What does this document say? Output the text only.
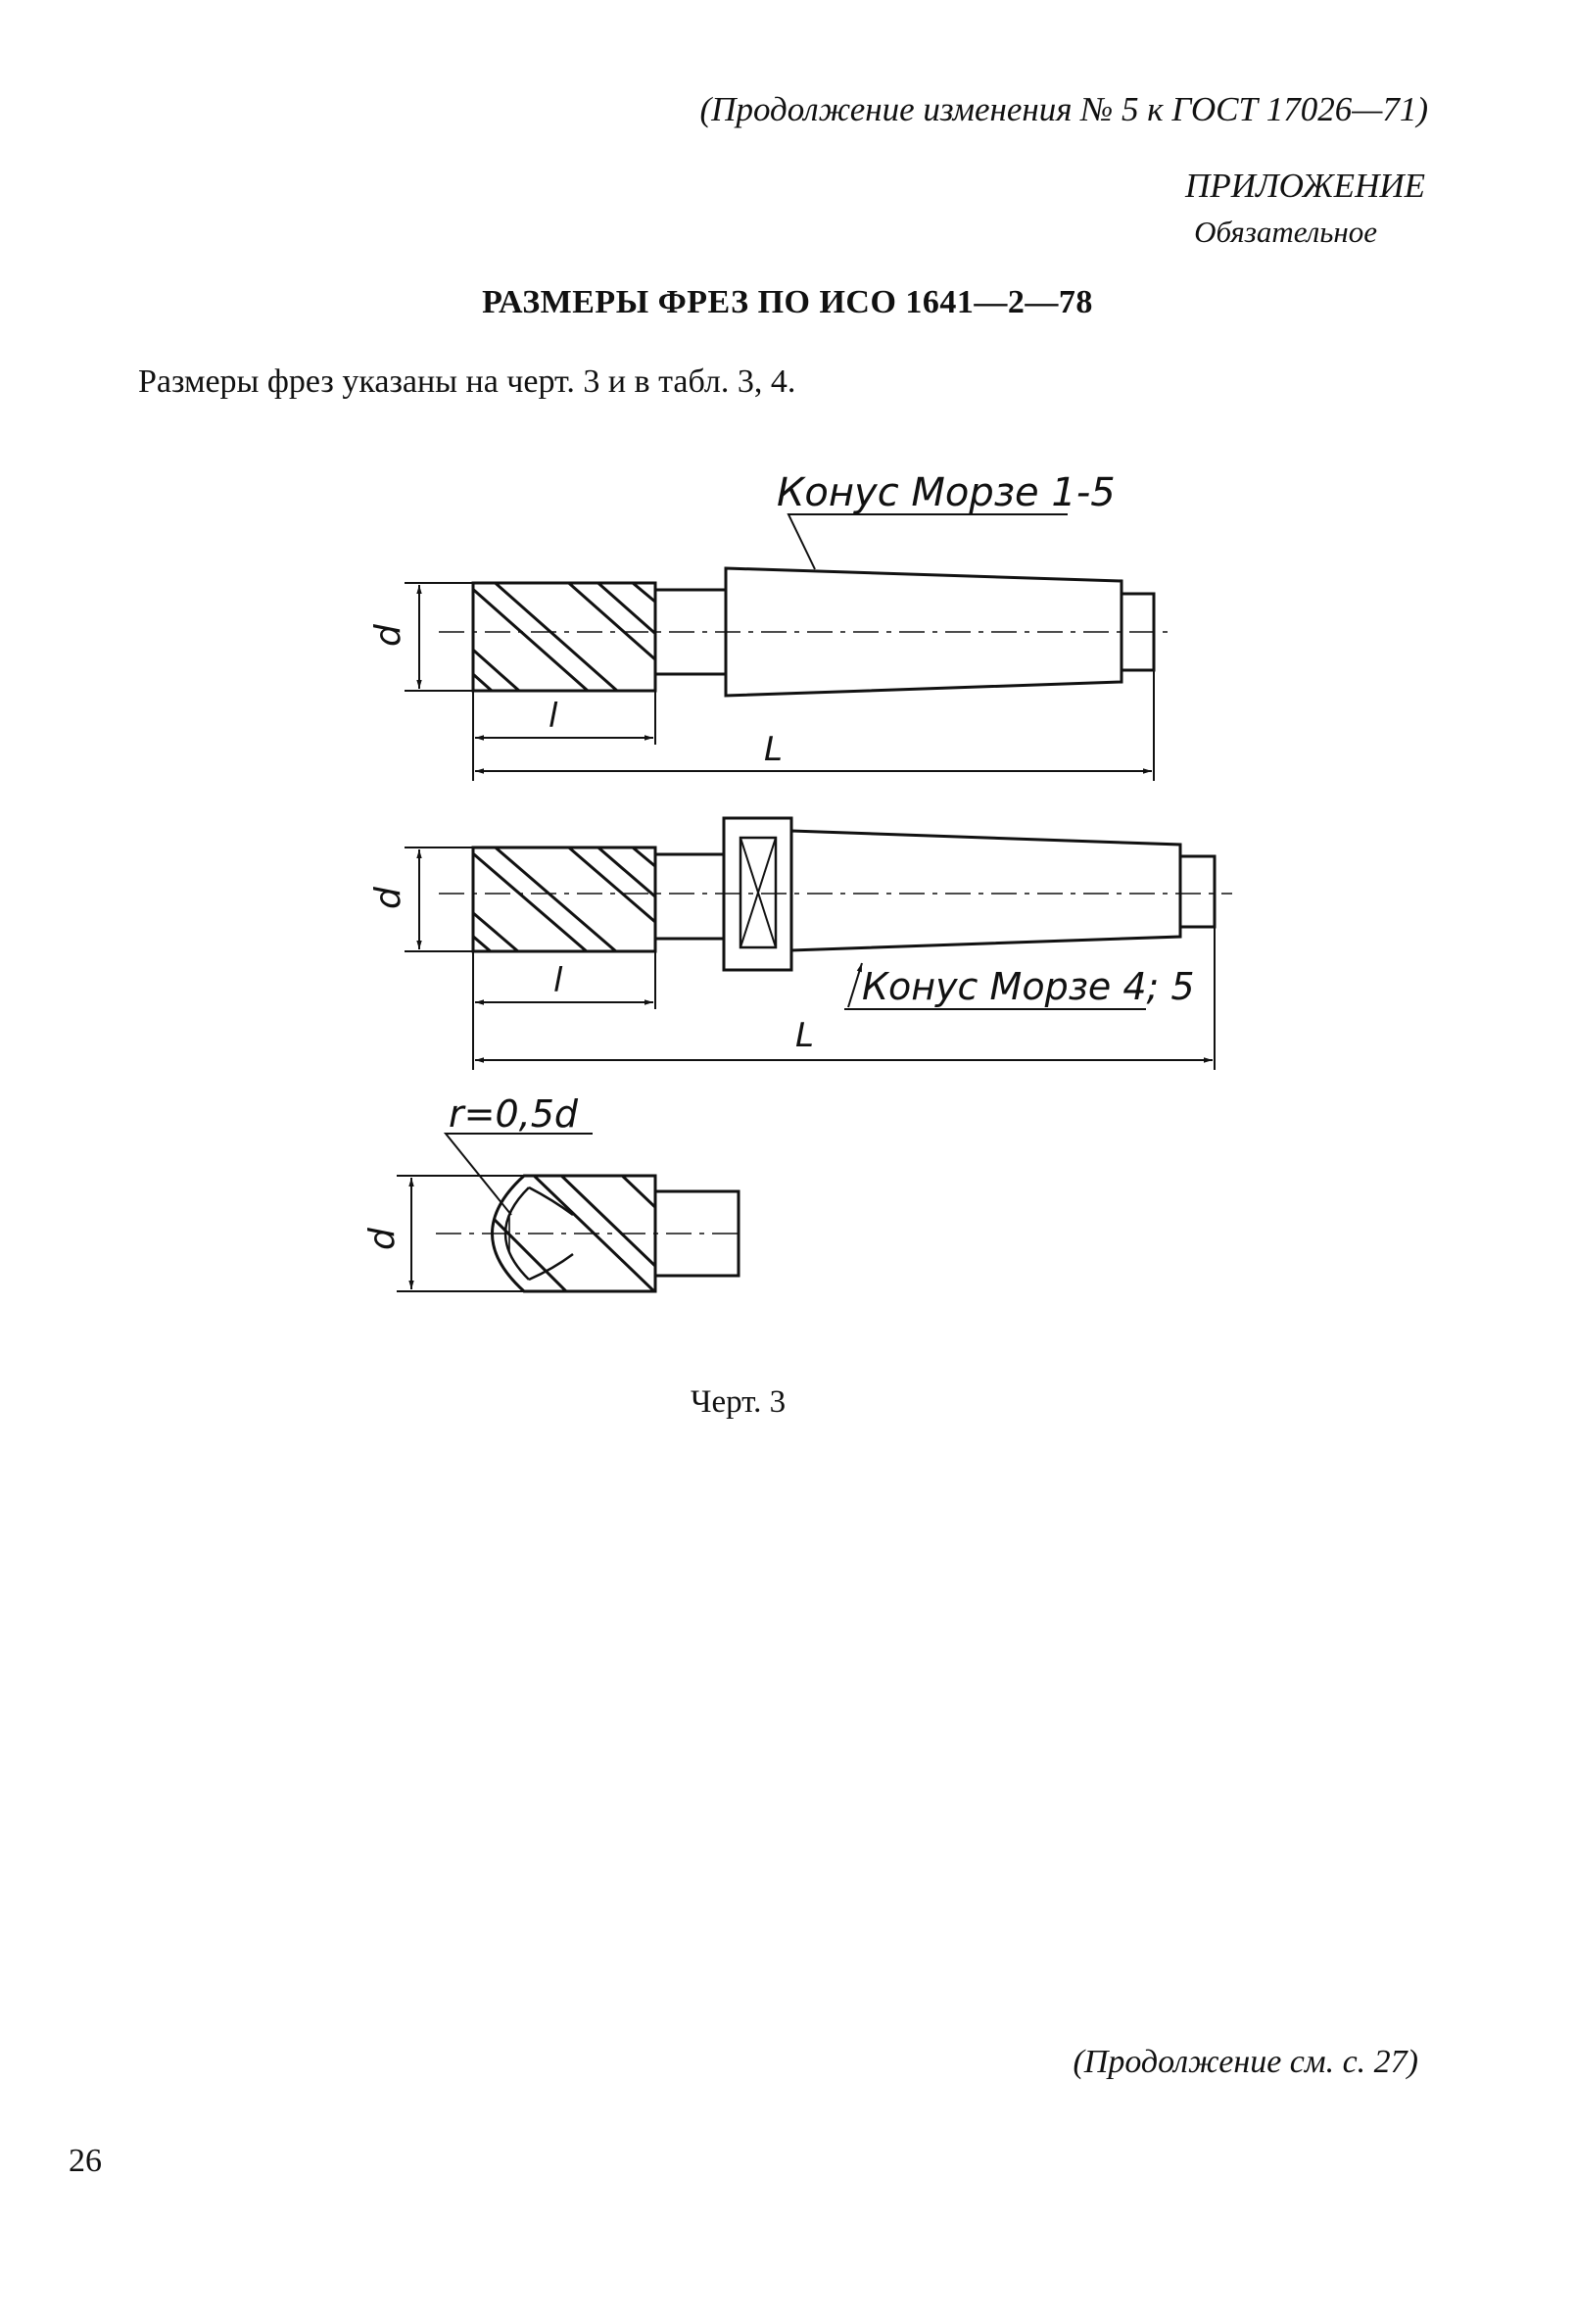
(Продолжение изменения № 5 к ГОСТ 17026—71)

ПРИЛОЖЕНИЕ

Обязательное

РАЗМЕРЫ ФРЕЗ ПО ИСО 1641—2—78

Размеры фрез указаны на черт. 3 и в табл. 3, 4.

Конус Морзе 1-5
d
l
L
Конус Морзе 4; 5
d
l
L
r=0,5d
d

Черт. 3

(Продолжение см. с. 27)

26
